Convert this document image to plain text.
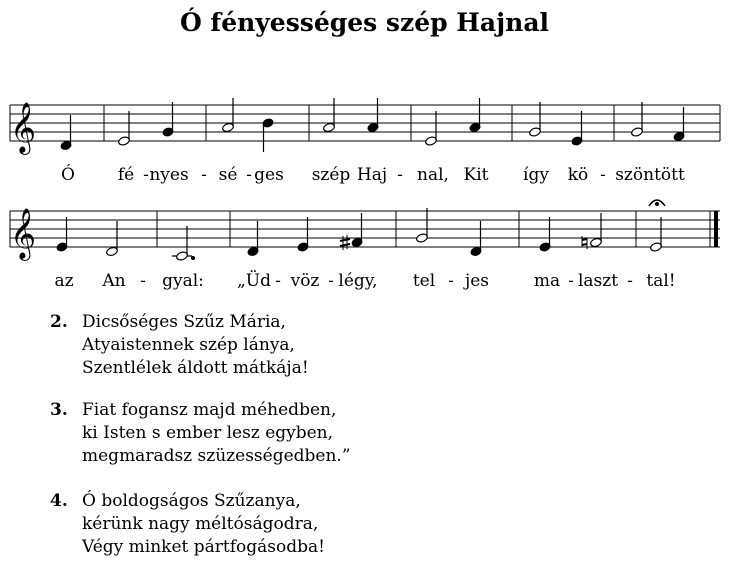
Ó fényességes szép Hajnal
𝄞
Ó	fé - nyes - sé - ges szép Haj - nal, Kit így kö - szöntött
𝄞
az An - gyal: „Üd - vöz - légy, tel - jes	ma - laszt - tal!
2. Dicsőséges Szűz Mária,
Atyaistennek szép lánya,
Szentlélek áldott mátkája!
3. Fiat fogansz majd méhedben,
ki Isten s ember lesz egyben,
megmaradsz szüzességedben.”
4. Ó boldogságos Szűzanya,
kérünk nagy méltóságodra,
Végy minket pártfogásodba!
